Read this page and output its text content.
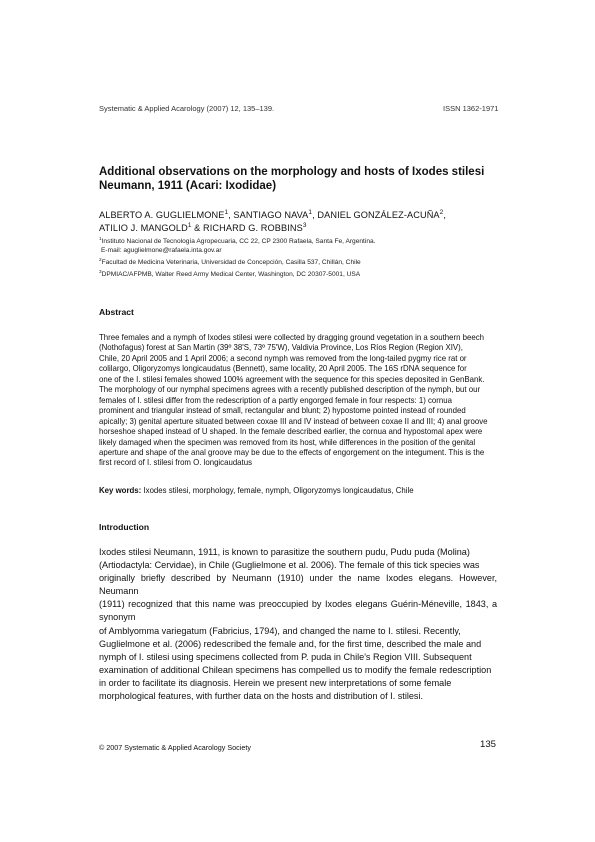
Systematic & Applied Acarology (2007) 12, 135–139.	ISSN 1362-1971
Additional observations on the morphology and hosts of Ixodes stilesi
Neumann, 1911 (Acari: Ixodidae)
ALBERTO A. GUGLIELMONE$^1$, SANTIAGO NAVA$^1$, DANIEL GONZÁLEZ-ACUÑA$^2$,
ATILIO J. MANGOLD$^1$ & RICHARD G. ROBBINS$^3$
$^1$Instituto Nacional de Tecnología Agropecuaria, CC 22, CP 2300 Rafaela, Santa Fe, Argentina.
E-mail: aguglielmone@rafaela.inta.gov.ar
$^2$Facultad de Medicina Veterinaria, Universidad de Concepción, Casilla 537, Chillán, Chile
$^3$DPMIAC/AFPMB, Walter Reed Army Medical Center, Washington, DC 20307-5001, USA
Abstract

Three females and a nymph of Ixodes stilesi were collected by dragging ground vegetation in a southern beech

(Nothofagus) forest at San Martin (39º 38'S, 73º 75'W), Valdivia Province, Los Ríos Region (Region XIV),

Chile, 20 April 2005 and 1 April 2006; a second nymph was removed from the long-tailed pygmy rice rat or

colilargo, Oligoryzomys longicaudatus (Bennett), same locality, 20 April 2005. The 16S rDNA sequence for

one of the I. stilesi females showed 100% agreement with the sequence for this species deposited in GenBank.

The morphology of our nymphal specimens agrees with a recently published description of the nymph, but our

females of I. stilesi differ from the redescription of a partly engorged female in four respects: 1) cornua

prominent and triangular instead of small, rectangular and blunt; 2) hypostome pointed instead of rounded

apically; 3) genital aperture situated between coxae III and IV instead of between coxae II and III; 4) anal groove

horseshoe shaped instead of U shaped. In the female described earlier, the cornua and hypostomal apex were

likely damaged when the specimen was removed from its host, while differences in the position of the genital

aperture and shape of the anal groove may be due to the effects of engorgement on the integument. This is the

first record of I. stilesi from O. longicaudatus

Key words: Ixodes stilesi, morphology, female, nymph, Oligoryzomys longicaudatus, Chile
Introduction

Ixodes stilesi Neumann, 1911, is known to parasitize the southern pudu, Pudu puda (Molina)

(Artiodactyla: Cervidae), in Chile (Guglielmone et al. 2006). The female of this tick species was

originally briefly described by Neumann (1910) under the name Ixodes elegans. However, Neumann

(1911) recognized that this name was preoccupied by Ixodes elegans Guérin-Méneville, 1843, a synonym

of Amblyomma variegatum (Fabricius, 1794), and changed the name to I. stilesi. Recently,

Guglielmone et al. (2006) redescribed the female and, for the first time, described the male and

nymph of I. stilesi using specimens collected from P. puda in Chile's Region VIII. Subsequent

examination of additional Chilean specimens has compelled us to modify the female redescription

in order to facilitate its diagnosis. Herein we present new interpretations of some female

morphological features, with further data on the hosts and distribution of I. stilesi.

© 2007 Systematic & Applied Acarology Society	135
